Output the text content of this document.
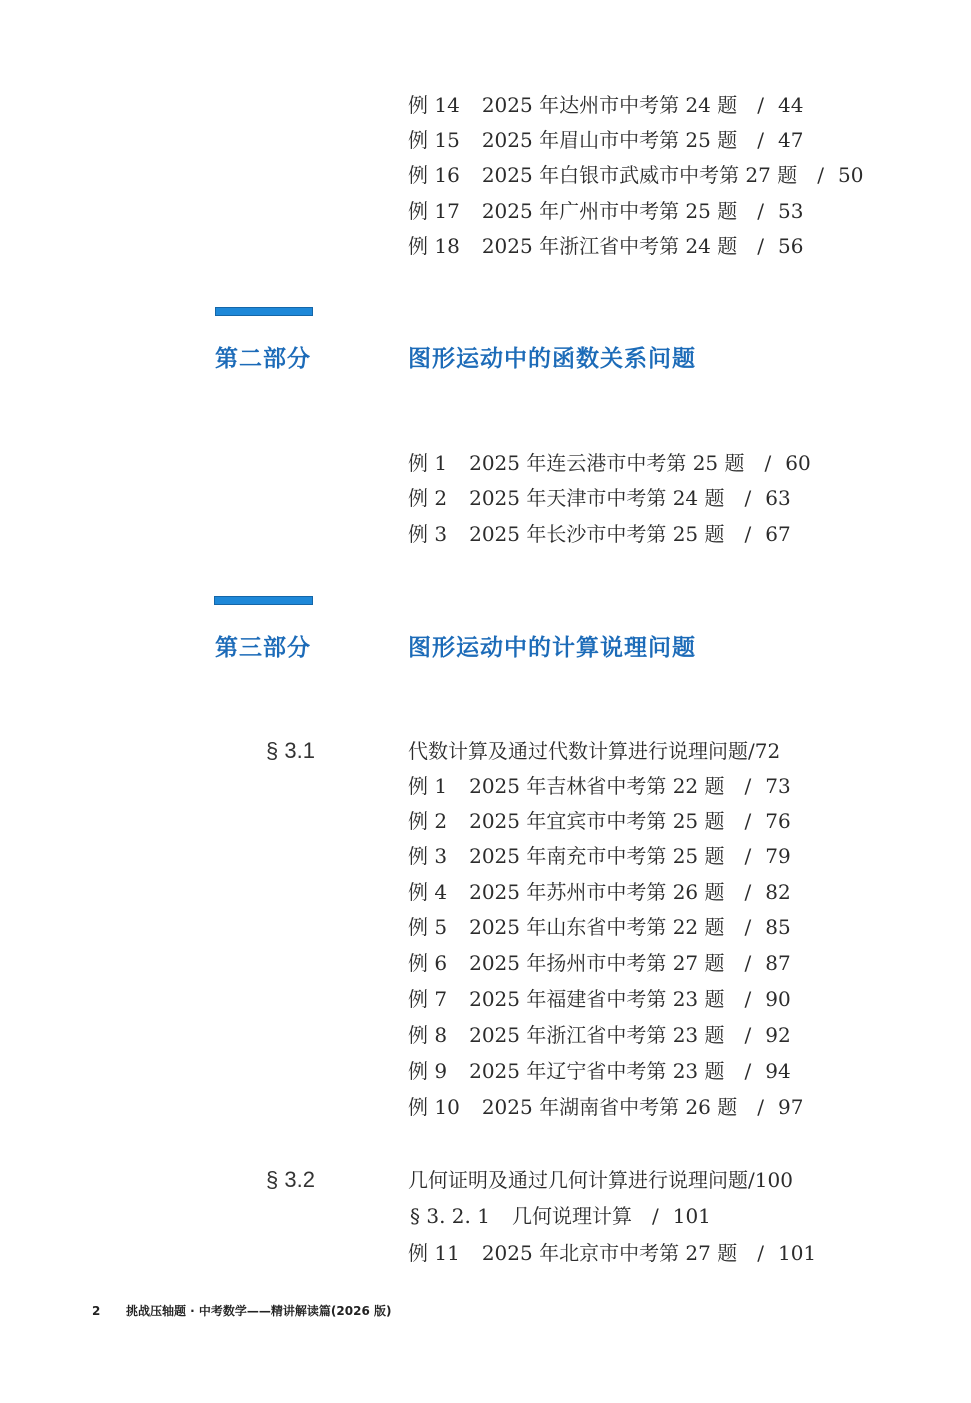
例 14 2025 年达州市中考第 24 题 / 44
例 15 2025 年眉山市中考第 25 题 / 47
例 16 2025 年白银市武威市中考第 27 题 / 50
例 17 2025 年广州市中考第 25 题 / 53
例 18 2025 年浙江省中考第 24 题 / 56
第二部分	图形运动中的函数关系问题
例 1 2025 年连云港市中考第 25 题 / 60
例 2 2025 年天津市中考第 24 题 / 63
例 3 2025 年长沙市中考第 25 题 / 67
第三部分	图形运动中的计算说理问题
§ 3.1	代数计算及通过代数计算进行说理问题/72
例 1 2025 年吉林省中考第 22 题 / 73
例 2 2025 年宜宾市中考第 25 题 / 76
例 3 2025 年南充市中考第 25 题 / 79
例 4 2025 年苏州市中考第 26 题 / 82
例 5 2025 年山东省中考第 22 题 / 85
例 6 2025 年扬州市中考第 27 题 / 87
例 7 2025 年福建省中考第 23 题 / 90
例 8 2025 年浙江省中考第 23 题 / 92
例 9 2025 年辽宁省中考第 23 题 / 94
例 10 2025 年湖南省中考第 26 题 / 97
§ 3.2	几何证明及通过几何计算进行说理问题/100
§ 3. 2. 1 几何说理计算 / 101
例 11 2025 年北京市中考第 27 题 / 101
2 挑战压轴题 · 中考数学——精讲解读篇(2026 版)
